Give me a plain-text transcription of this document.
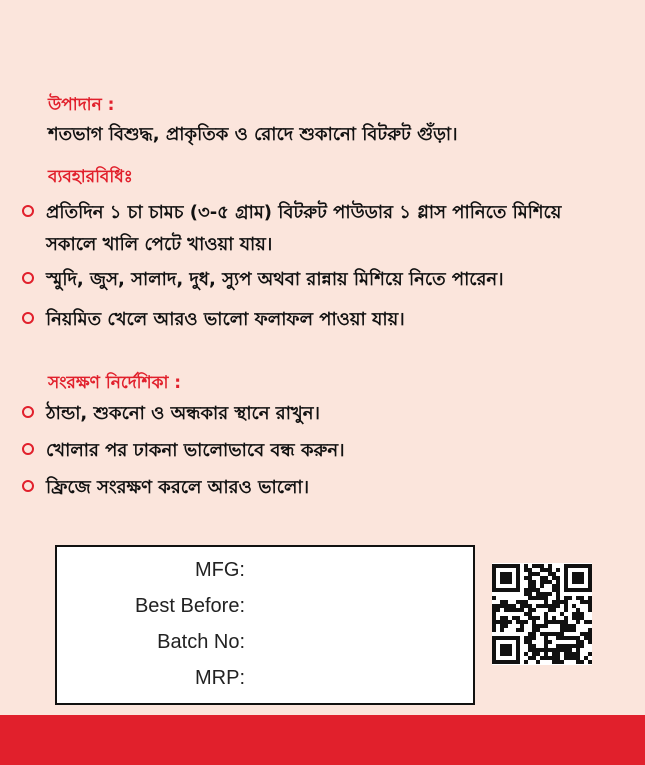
উপাদান :
শতভাগ বিশুদ্ধ, প্রাকৃতিক ও রোদে শুকানো বিটরুট গুঁড়া।
ব্যবহারবিধিঃ
প্রতিদিন ১ চা চামচ (৩-৫ গ্রাম) বিটরুট পাউডার ১ গ্লাস পানিতে মিশিয়ে সকালে খালি পেটে খাওয়া যায়।
স্মুদি, জুস, সালাদ, দুধ, স্যুপ অথবা রান্নায় মিশিয়ে নিতে পারেন।
নিয়মিত খেলে আরও ভালো ফলাফল পাওয়া যায়।
সংরক্ষণ নির্দেশিকা :
ঠান্ডা, শুকনো ও অন্ধকার স্থানে রাখুন।
খোলার পর ঢাকনা ভালোভাবে বন্ধ করুন।
ফ্রিজে সংরক্ষণ করলে আরও ভালো।
MFG:
Best Before:
Batch No:
MRP:
